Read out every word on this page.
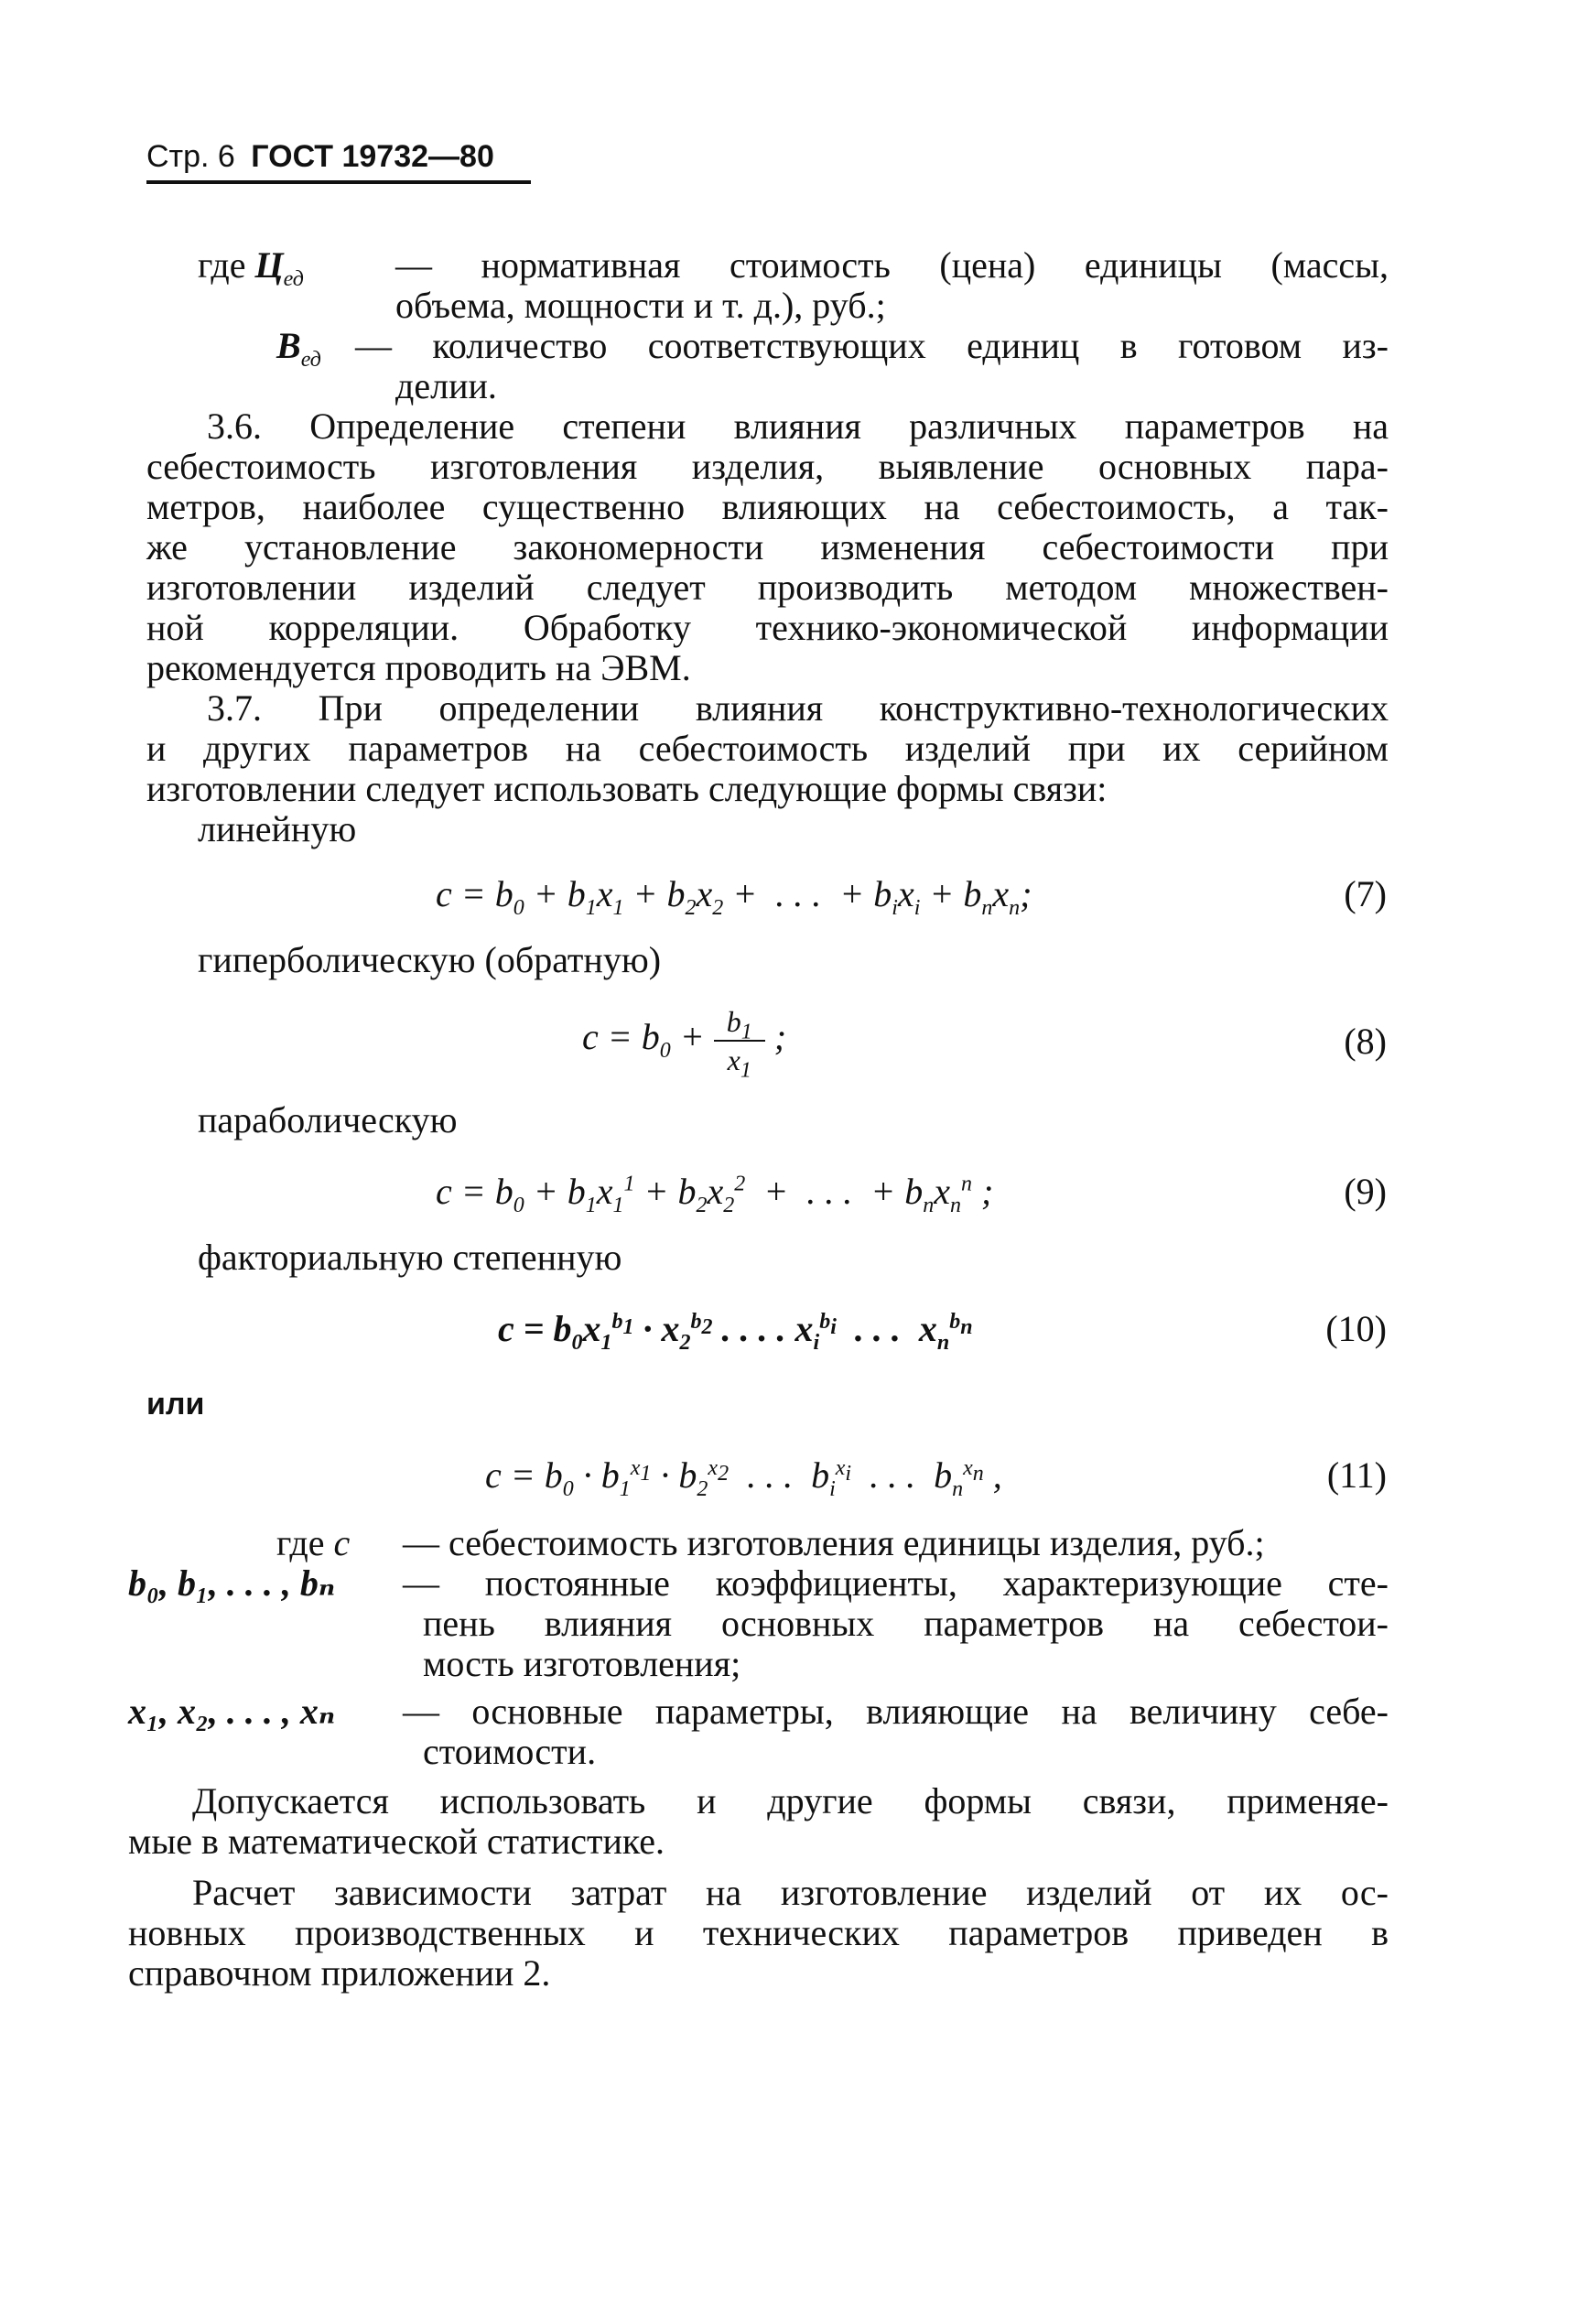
Стр. 6 ГОСТ 19732—80
где $Ц_{ед}$	— нормативная стоимость (цена) единицы (массы,
объема, мощности и т. д.), руб.;
$В_{ед}$ — количество соответствующих единиц в готовом из-
делии.
3.6. Определение степени влияния различных параметров на
себестоимость изготовления изделия, выявление основных пара-
метров, наиболее существенно влияющих на себестоимость, а так-
же установление закономерности изменения себестоимости при
изготовлении изделий следует производить методом множествен-
ной корреляции. Обработку технико-экономической информации
рекомендуется проводить на ЭВМ.
3.7. При определении влияния конструктивно-технологических
и других параметров на себестоимость изделий при их серийном
изготовлении следует использовать следующие формы связи:
линейную
$c = b_0 + b_1x_1 + b_2x_2$ +  . . .  + $b_ix_i + b_nx_n$;	(7)
гиперболическую (обратную)
$c = b_0 + \frac{b_1}{x_1}$ ;	(8)
параболическую
$c = b_0 + b_1x_1^1 + b_2x_2^2$  +  . . .  + $b_nx_n^n$ ;	(9)
факториальную степенную
$c = b_0x_1^{b_1} \cdot x_2^{b_2}$ . . . . $x_i^{b_i}$  . . .  $x_n^{b_n}$	(10)
или
$c = b_0 \cdot b_1^{x_1} \cdot b_2^{x_2}$  . . .  $b_i^{x_i}$  . . .  $b_n^{x_n}$ ,	(11)
где c — себестоимость изготовления единицы изделия, руб.;
b₀, b₁, . . . , bₙ — постоянные коэффициенты, характеризующие сте-
пень влияния основных параметров на себестои-
мость изготовления;
x₁, x₂, . . . , xₙ — основные параметры, влияющие на величину себе-
стоимости.
Допускается использовать и другие формы связи, применяе-
мые в математической статистике.
Расчет зависимости затрат на изготовление изделий от их ос-
новных производственных и технических параметров приведен в
справочном приложении 2.
